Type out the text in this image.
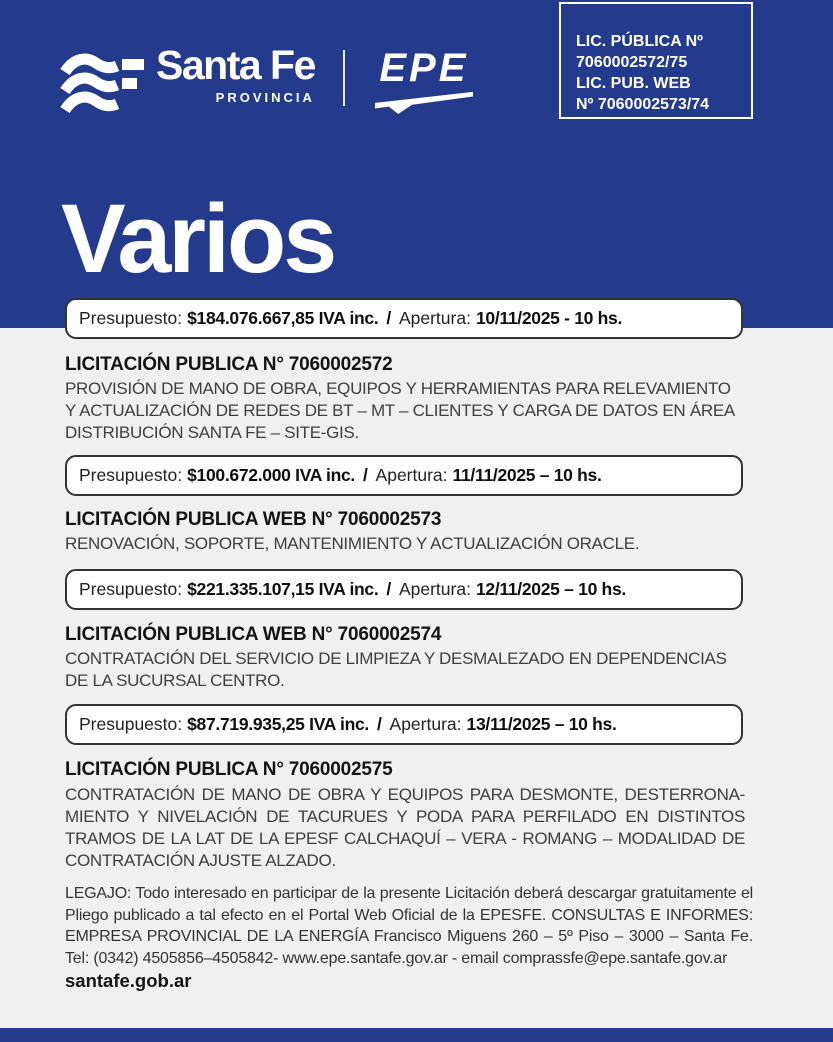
Santa Fe
PROVINCIA
EPE
LIC. PÚBLICA Nº
7060002572/75
LIC. PUB. WEB
Nº 7060002573/74
Varios
Presupuesto: $184.076.667,85 IVA inc. / Apertura: 10/11/2025 - 10 hs.
LICITACIÓN PUBLICA N° 7060002572
PROVISIÓN DE MANO DE OBRA, EQUIPOS Y HERRAMIENTAS PARA RELEVAMIENTO Y ACTUALIZACIÓN DE REDES DE BT – MT – CLIENTES Y CARGA DE DATOS EN ÁREA DISTRIBUCIÓN SANTA FE – SITE-GIS.
Presupuesto: $100.672.000 IVA inc. / Apertura: 11/11/2025 – 10 hs.
LICITACIÓN PUBLICA WEB N° 7060002573
RENOVACIÓN, SOPORTE, MANTENIMIENTO Y ACTUALIZACIÓN ORACLE.
Presupuesto: $221.335.107,15 IVA inc. / Apertura: 12/11/2025 – 10 hs.
LICITACIÓN PUBLICA WEB N° 7060002574
CONTRATACIÓN DEL SERVICIO DE LIMPIEZA Y DESMALEZADO EN DEPENDENCIAS DE LA SUCURSAL CENTRO.
Presupuesto: $87.719.935,25 IVA inc. / Apertura: 13/11/2025 – 10 hs.
LICITACIÓN PUBLICA N° 7060002575
CONTRATACIÓN DE MANO DE OBRA Y EQUIPOS PARA DESMONTE, DESTERRONA-MIENTO Y NIVELACIÓN DE TACURUES Y PODA PARA PERFILADO EN DISTINTOS TRAMOS DE LA LAT DE LA EPESF CALCHAQUÍ – VERA - ROMANG – MODALIDAD DE CONTRATACIÓN AJUSTE ALZADO.
LEGAJO: Todo interesado en participar de la presente Licitación deberá descargar gratuitamente el Pliego publicado a tal efecto en el Portal Web Oficial de la EPESFE. CONSULTAS E INFORMES: EMPRESA PROVINCIAL DE LA ENERGÍA Francisco Miguens 260 – 5º Piso – 3000 – Santa Fe. Tel: (0342) 4505856–4505842- www.epe.santafe.gov.ar - email comprassfe@epe.santafe.gov.ar
santafe.gob.ar
